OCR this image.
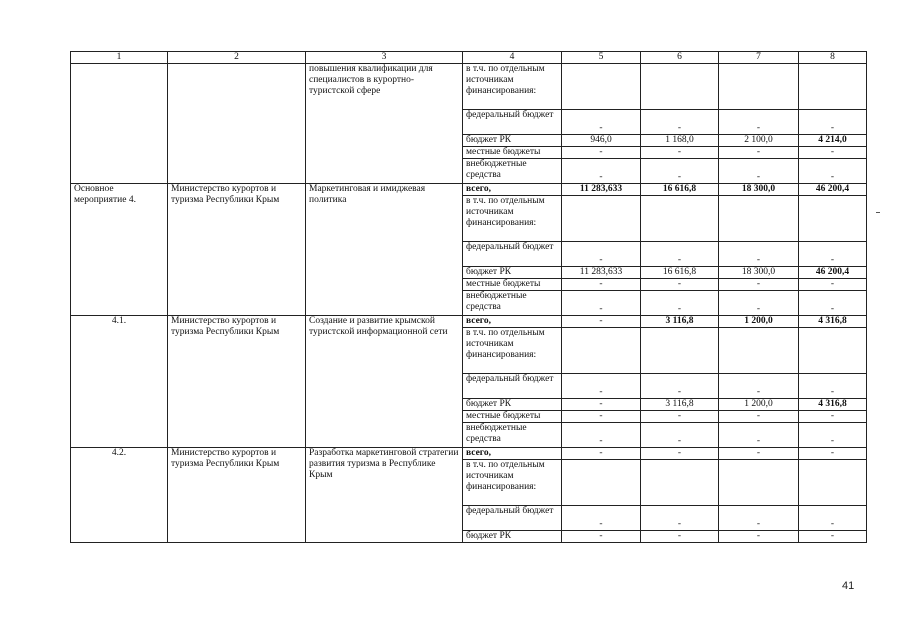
1	2	3	4	5	6	7	8
		повышения квалификации для специалистов в курортно-туристской сфере	в т.ч. по отдельным источникам финансирования:				
			федеральный бюджет	-	-	-	-
			бюджет РК	946,0	1 168,0	2 100,0	4 214,0
			местные бюджеты	-	-	-	-
			внебюджетные средства	-	-	-	-
Основное мероприятие 4.	Министерство курортов и туризма Республики Крым	Маркетинговая и имиджевая политика	всего,	11 283,633	16 616,8	18 300,0	46 200,4
			в т.ч. по отдельным источникам финансирования:				
			федеральный бюджет	-	-	-	-
			бюджет РК	11 283,633	16 616,8	18 300,0	46 200,4
			местные бюджеты	-	-	-	-
			внебюджетные средства	-	-	-	-
4.1.	Министерство курортов и туризма Республики Крым	Создание и развитие крымской туристской информационной сети	всего,	-	3 116,8	1 200,0	4 316,8
			в т.ч. по отдельным источникам финансирования:				
			федеральный бюджет	-	-	-	-
			бюджет РК	-	3 116,8	1 200,0	4 316,8
			местные бюджеты	-	-	-	-
			внебюджетные средства	-	-	-	-
4.2.	Министерство курортов и туризма Республики Крым	Разработка маркетинговой стратегии развития туризма в Республике Крым	всего,	-	-	-	-
			в т.ч. по отдельным источникам финансирования:				
			федеральный бюджет	-	-	-	-
			бюджет РК	-	-	-	-
41
